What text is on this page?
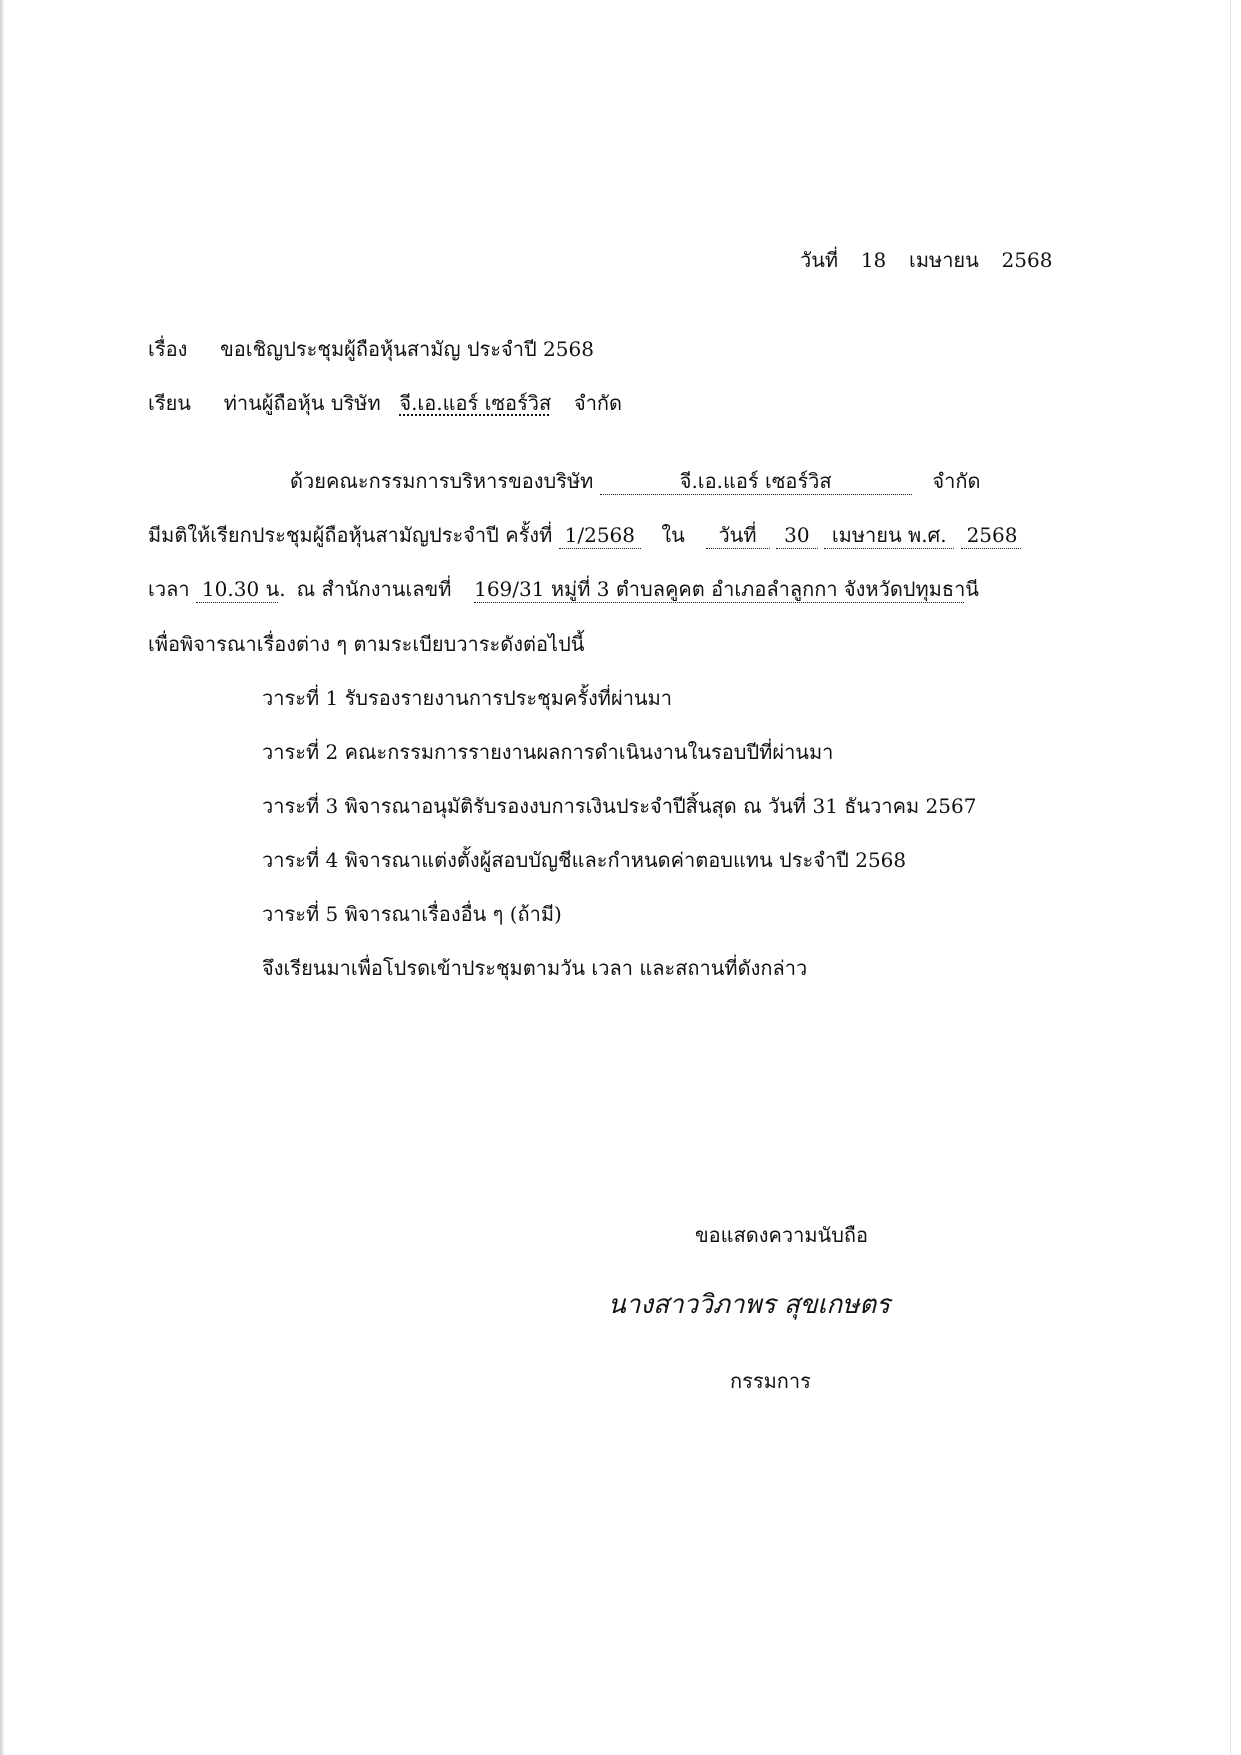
วันที่ 18 เมษายน 2568
เรื่อง ขอเชิญประชุมผู้ถือหุ้นสามัญ ประจำปี 2568
เรียน ท่านผู้ถือหุ้น บริษัท จี.เอ.แอร์ เซอร์วิส จำกัด
ด้วยคณะกรรมการบริหารของบริษัท	จี.เอ.แอร์ เซอร์วิส	จำกัด
มีมติให้เรียกประชุมผู้ถือหุ้นสามัญประจำปี ครั้งที่ 1/2568 ใน วันที่ 30 เมษายน พ.ศ. 2568
เวลา 10.30 น. ณ สำนักงานเลขที่ 169/31 หมู่ที่ 3 ตำบลคูคต อำเภอลำลูกกา จังหวัดปทุมธานี
เพื่อพิจารณาเรื่องต่าง ๆ ตามระเบียบวาระดังต่อไปนี้
วาระที่ 1 รับรองรายงานการประชุมครั้งที่ผ่านมา
วาระที่ 2 คณะกรรมการรายงานผลการดำเนินงานในรอบปีที่ผ่านมา
วาระที่ 3 พิจารณาอนุมัติรับรองงบการเงินประจำปีสิ้นสุด ณ วันที่ 31 ธันวาคม 2567
วาระที่ 4 พิจารณาแต่งตั้งผู้สอบบัญชีและกำหนดค่าตอบแทน ประจำปี 2568
วาระที่ 5 พิจารณาเรื่องอื่น ๆ (ถ้ามี)
จึงเรียนมาเพื่อโปรดเข้าประชุมตามวัน เวลา และสถานที่ดังกล่าว
ขอแสดงความนับถือ
นางสาววิภาพร สุขเกษตร
กรรมการ
